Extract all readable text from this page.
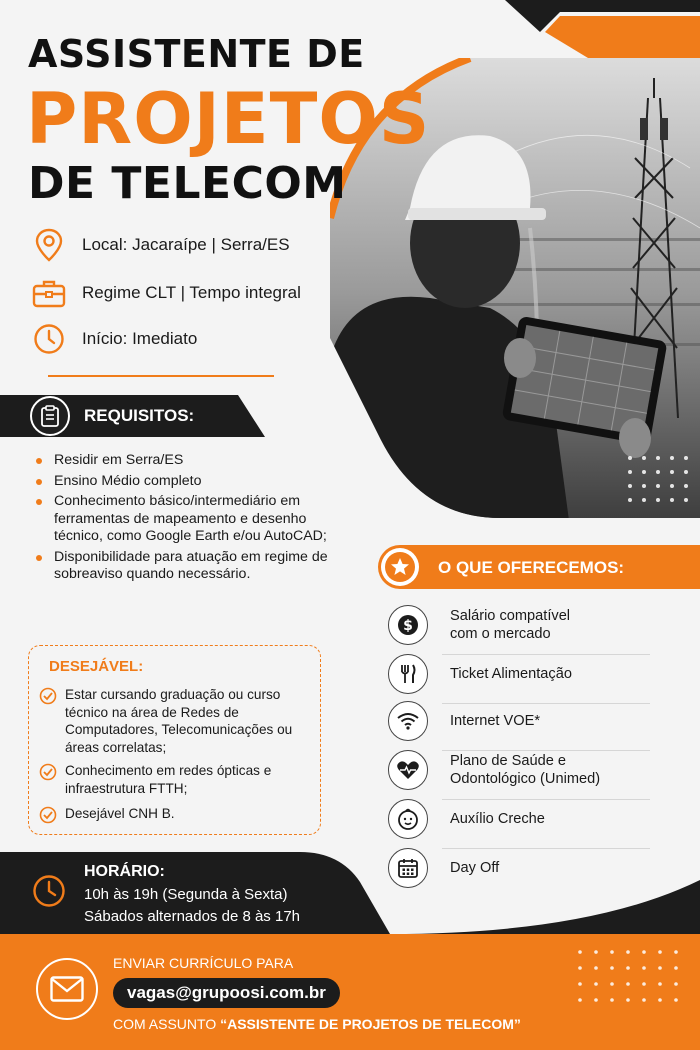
ASSISTENTE DE
PROJETOS
DE TELECOM
Local: Jacaraípe | Serra/ES
Regime CLT | Tempo integral
Início: Imediato
REQUISITOS:
Residir em Serra/ES
Ensino Médio completo
Conhecimento básico/intermediário em ferramentas de mapeamento e desenho técnico, como Google Earth e/ou AutoCAD;
Disponibilidade para atuação em regime de sobreaviso quando necessário.
DESEJÁVEL:
Estar cursando graduação ou curso técnico na área de Redes de Computadores, Telecomunicações ou áreas correlatas;
Conhecimento em redes ópticas e infraestrutura FTTH;
Desejável CNH B.
HORÁRIO:
10h às 19h (Segunda à Sexta)
Sábados alternados de 8 às 17h
O QUE OFERECEMOS:
$
Salário compatível
com o mercado
Ticket Alimentação
Internet VOE*
Plano de Saúde e
Odontológico (Unimed)
Auxílio Creche
Day Off
ENVIAR CURRÍCULO PARA
vagas@grupoosi.com.br
COM ASSUNTO “ASSISTENTE DE PROJETOS DE TELECOM”
